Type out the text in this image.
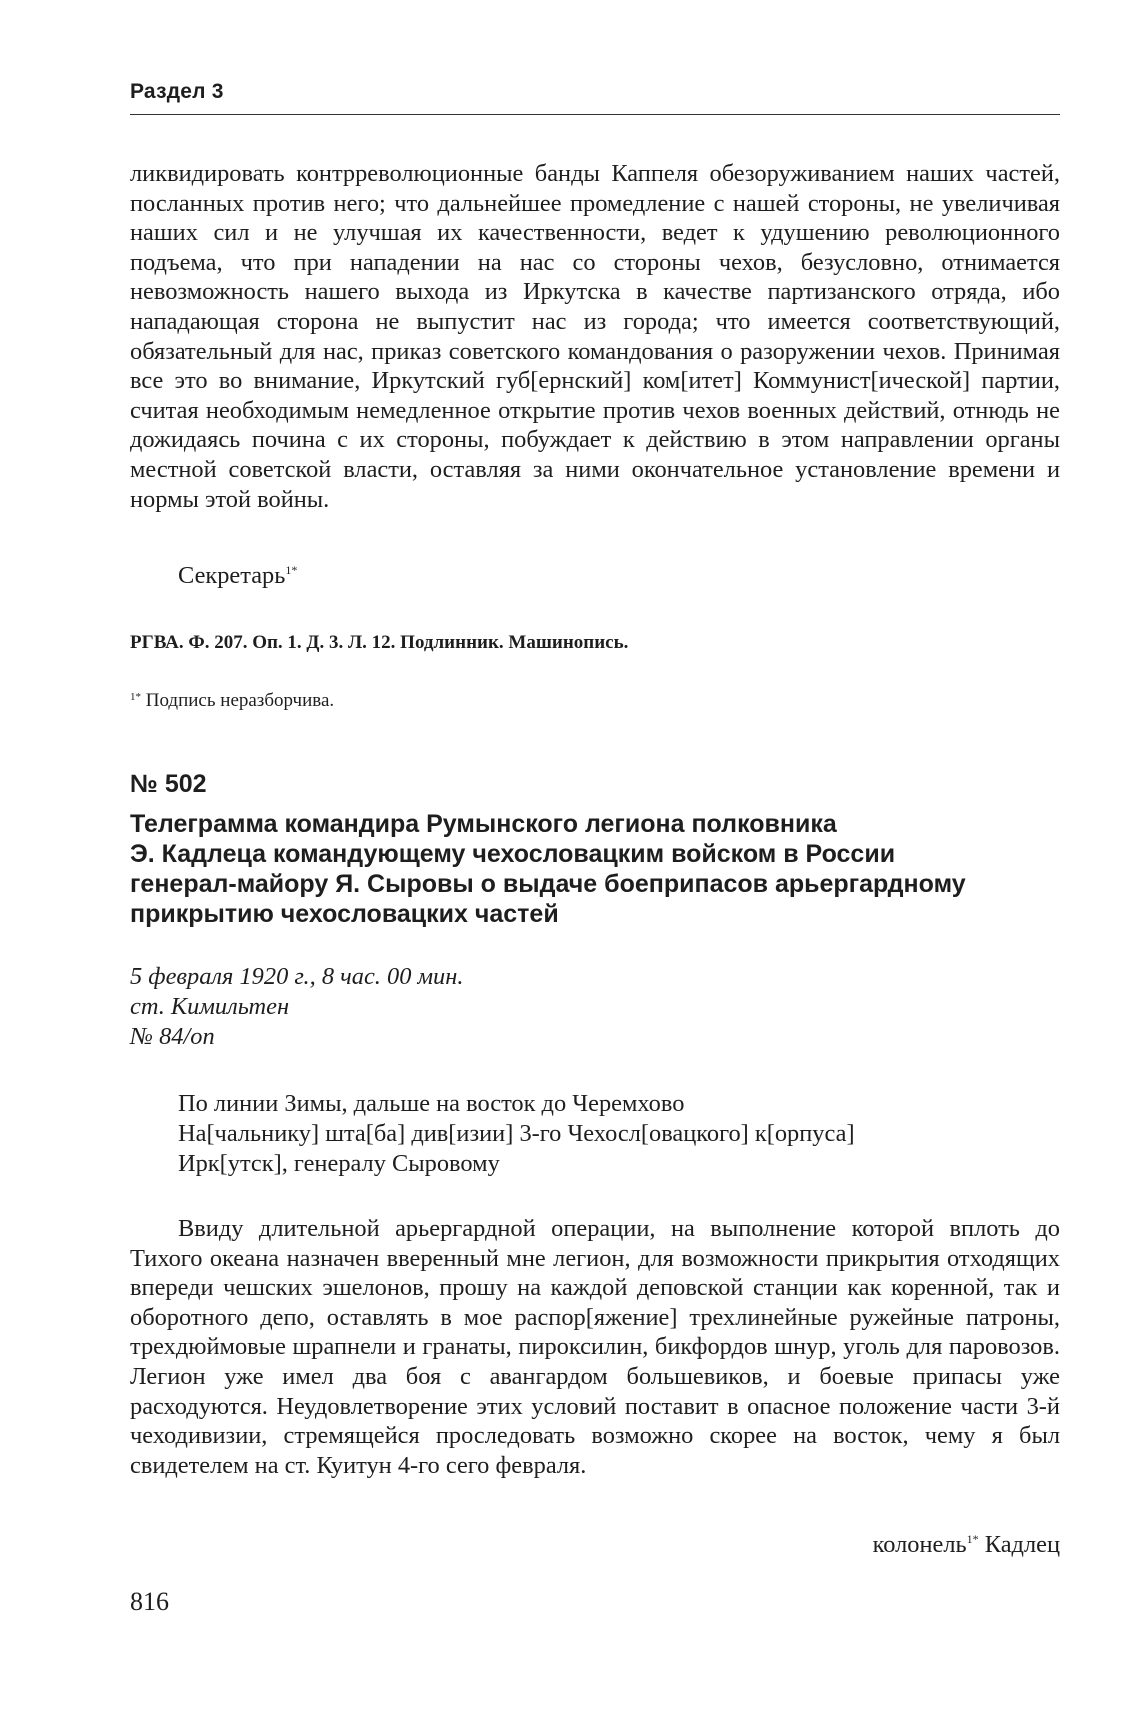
Раздел 3

ликвидировать контрреволюционные банды Каппеля обезоруживанием наших частей, посланных против него; что дальнейшее промедление с нашей стороны, не увеличивая наших сил и не улучшая их качественности, ведет к удушению революционного подъема, что при нападении на нас со стороны чехов, безусловно, отнимается невозможность нашего выхода из Иркутска в качестве партизанского отряда, ибо нападающая сторона не выпустит нас из города; что имеется соответствующий, обязательный для нас, приказ советского командования о разоружении чехов. Принимая все это во внимание, Иркутский губ[ернский] ком[итет] Коммунист[ической] партии, считая необходимым немедленное открытие против чехов военных действий, отнюдь не дожидаясь почина с их стороны, побуждает к действию в этом направлении органы местной советской власти, оставляя за ними окончательное установление времени и нормы этой войны.

Секретарь$^{1*}$
РГВА. Ф. 207. Оп. 1. Д. 3. Л. 12. Подлинник. Машинопись.
$^{1*}$ Подпись неразборчива.
№ 502
Телеграмма командира Румынского легиона полковника
Э. Кадлеца командующему чехословацким войском в России
генерал-майору Я. Сыровы о выдаче боеприпасов арьергардному
прикрытию чехословацких частей
5 февраля 1920 г., 8 час. 00 мин.
ст. Кимильтен
№ 84/оп
По линии Зимы, дальше на восток до Черемхово
На[чальнику] шта[ба] див[изии] 3-го Чехосл[овацкого] к[орпуса]
Ирк[утск], генералу Сыровому

Ввиду длительной арьергардной операции, на выполнение которой вплоть до Тихого океана назначен вверенный мне легион, для возможности прикрытия отходящих впереди чешских эшелонов, прошу на каждой деповской станции как коренной, так и оборотного депо, оставлять в мое распор[яжение] трехлинейные ружейные патроны, трехдюймовые шрапнели и гранаты, пироксилин, бикфордов шнур, уголь для паровозов. Легион уже имел два боя с авангардом большевиков, и боевые припасы уже расходуются. Неудовлетворение этих условий поставит в опасное положение части 3-й чеходивизии, стремящейся проследовать возможно скорее на восток, чему я был свидетелем на ст. Куитун 4-го сего февраля.

колонель$^{1*}$ Кадлец
816
